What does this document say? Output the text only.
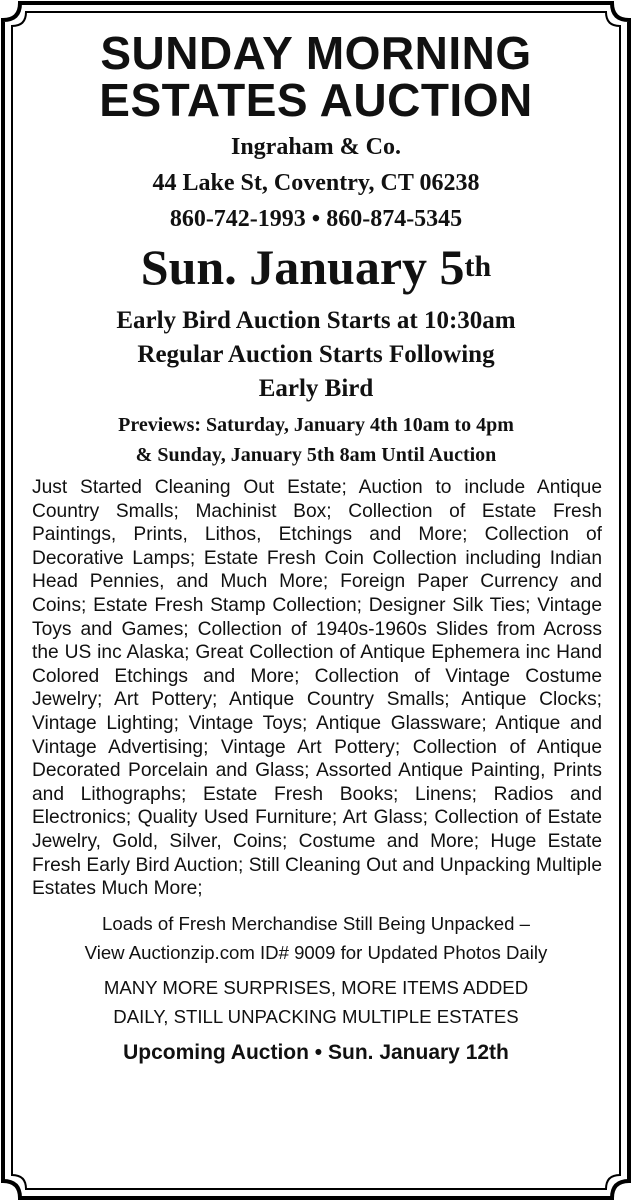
SUNDAY MORNING
ESTATES AUCTION
Ingraham & Co.
44 Lake St, Coventry, CT 06238
860-742-1993 • 860-874-5345
Sun. January 5th
Early Bird Auction Starts at 10:30am
Regular Auction Starts Following
Early Bird
Previews: Saturday, January 4th 10am to 4pm
& Sunday, January 5th 8am Until Auction

Just Started Cleaning Out Estate; Auction to include Antique Country Smalls; Machinist Box; Collection of Estate Fresh Paintings, Prints, Lithos, Etchings and More; Collection of Decorative Lamps; Estate Fresh Coin Collection including Indian Head Pennies, and Much More; Foreign Paper Currency and Coins; Estate Fresh Stamp Collection; Designer Silk Ties; Vintage Toys and Games; Collection of 1940s-1960s Slides from Across the US inc Alaska; Great Collection of Antique Ephemera inc Hand Colored Etchings and More; Collection of Vintage Costume Jewelry; Art Pottery; Antique Country Smalls; Antique Clocks; Vintage Lighting; Vintage Toys; Antique Glassware; Antique and Vintage Advertising; Vintage Art Pottery; Collection of Antique Decorated Porcelain and Glass; Assorted Antique Painting, Prints and Lithographs; Estate Fresh Books; Linens; Radios and Electronics; Quality Used Furniture; Art Glass; Collection of Estate Jewelry, Gold, Silver, Coins; Costume and More; Huge Estate Fresh Early Bird Auction; Still Cleaning Out and Unpacking Multiple Estates Much More;

Loads of Fresh Merchandise Still Being Unpacked –
View Auctionzip.com ID# 9009 for Updated Photos Daily

MANY MORE SURPRISES, MORE ITEMS ADDED
DAILY, STILL UNPACKING MULTIPLE ESTATES

Upcoming Auction • Sun. January 12th
